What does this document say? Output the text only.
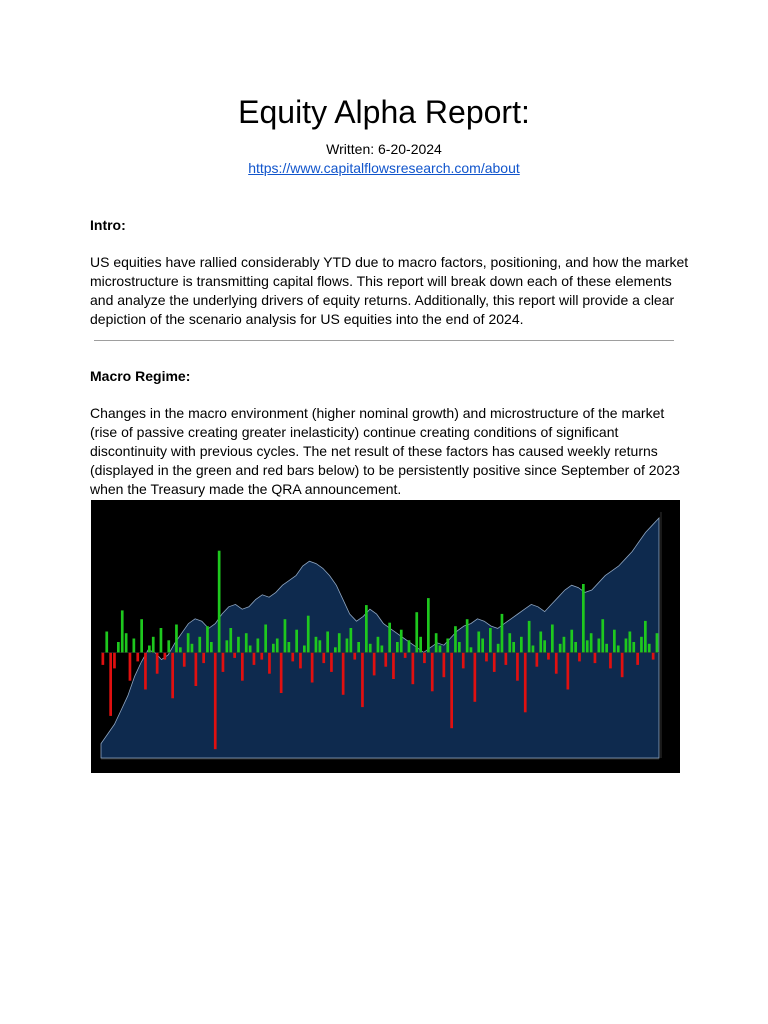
Equity Alpha Report:
Written: 6-20-2024
https://www.capitalflowsresearch.com/about
Intro:

US equities have rallied considerably YTD due to macro factors, positioning, and how the market microstructure is transmitting capital flows. This report will break down each of these elements and analyze the underlying drivers of equity returns. Additionally, this report will provide a clear depiction of the scenario analysis for US equities into the end of 2024.

Macro Regime:

Changes in the macro environment (higher nominal growth) and microstructure of the market (rise of passive creating greater inelasticity) continue creating conditions of significant discontinuity with previous cycles. The net result of these factors has caused weekly returns (displayed in the green and red bars below) to be persistently positive since September of 2023 when the Treasury made the QRA announcement.
